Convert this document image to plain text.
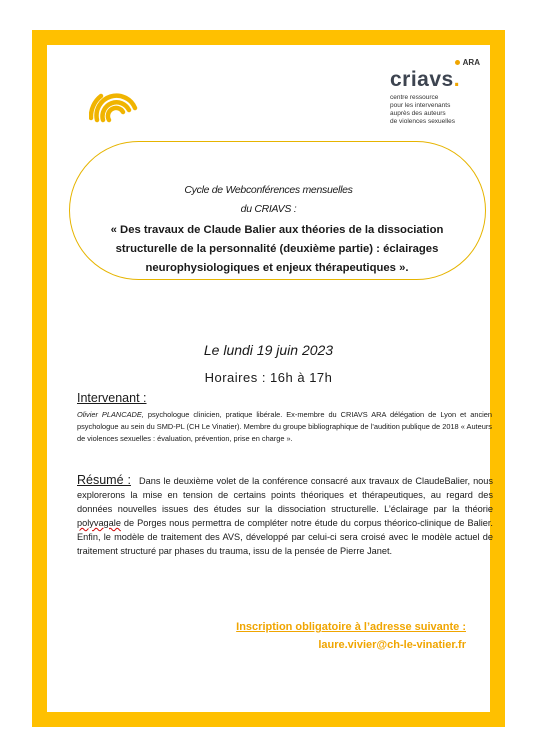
ARA
criavs.
centre ressource
pour les intervenants
auprès des auteurs
de violences sexuelles
Cycle de Webconférences mensuelles
du CRIAVS :
« Des travaux de Claude Balier aux théories de la dissociation structurelle de la personnalité (deuxième partie) : éclairages neurophysiologiques et enjeux thérapeutiques ».
Le lundi 19 juin 2023
Horaires : 16h à 17h
Intervenant :
Olivier PLANCADE, psychologue clinicien, pratique libérale. Ex-membre du CRIAVS ARA délégation de Lyon et ancien psychologue au sein du SMD-PL (CH Le Vinatier). Membre du groupe bibliographique de l’audition publique de 2018 « Auteurs de violences sexuelles : évaluation, prévention, prise en charge ».
Résumé : Dans le deuxième volet de la conférence consacré aux travaux de ClaudeBalier, nous explorerons la mise en tension de certains points théoriques et thérapeutiques, au regard des données nouvelles issues des études sur la dissociation structurelle. L’éclairage par la théorie polyvagale de Porges nous permettra de compléter notre étude du corpus théorico-clinique de Balier. Enfin, le modèle de traitement des AVS, développé par celui-ci sera croisé avec le modèle actuel de traitement structuré par phases du trauma, issu de la pensée de Pierre Janet.
Inscription obligatoire à l’adresse suivante :
laure.vivier@ch-le-vinatier.fr
